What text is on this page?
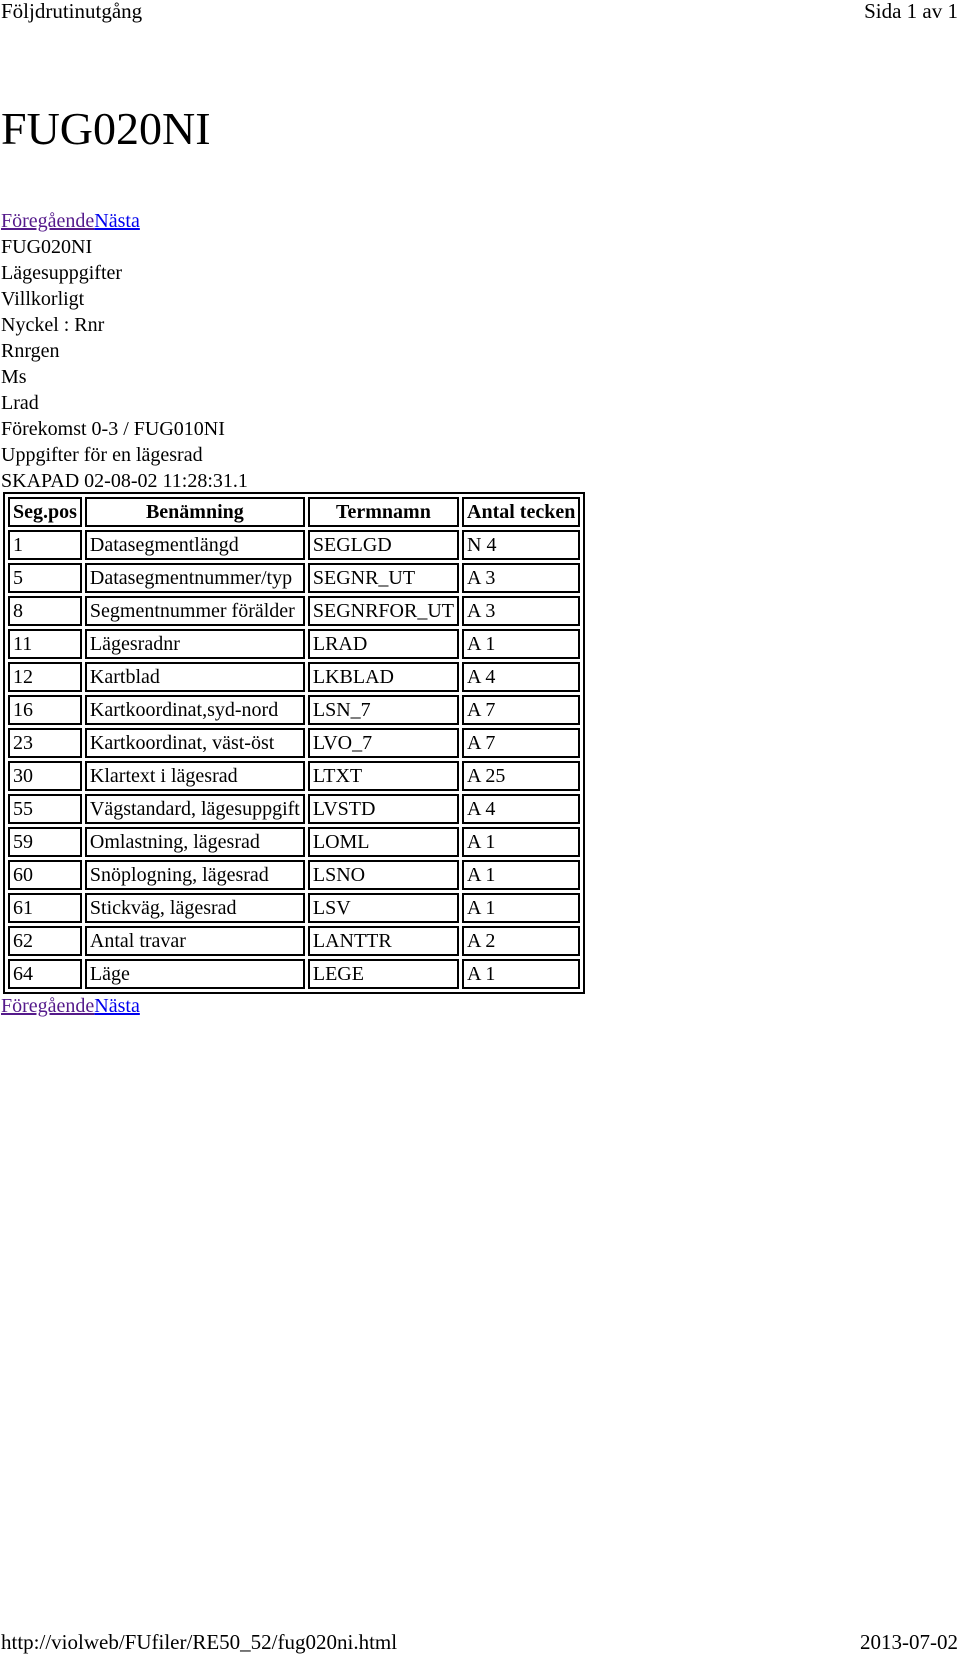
Följdrutinutgång	Sida 1 av 1
FUG020NI
FöregåendeNästa
FUG020NI
Lägesuppgifter
Villkorligt
Nyckel : Rnr
Rnrgen
Ms
Lrad
Förekomst 0-3 / FUG010NI
Uppgifter för en lägesrad
SKAPAD 02-08-02 11:28:31.1
Seg.pos	Benämning	Termnamn	Antal tecken
1	Datasegmentlängd	SEGLGD	N 4
5	Datasegmentnummer/typ	SEGNR_UT	A 3
8	Segmentnummer förälder	SEGNRFOR_UT	A 3
11	Lägesradnr	LRAD	A 1
12	Kartblad	LKBLAD	A 4
16	Kartkoordinat,syd-nord	LSN_7	A 7
23	Kartkoordinat, väst-öst	LVO_7	A 7
30	Klartext i lägesrad	LTXT	A 25
55	Vägstandard, lägesuppgift	LVSTD	A 4
59	Omlastning, lägesrad	LOML	A 1
60	Snöplogning, lägesrad	LSNO	A 1
61	Stickväg, lägesrad	LSV	A 1
62	Antal travar	LANTTR	A 2
64	Läge	LEGE	A 1
FöregåendeNästa
http://violweb/FUfiler/RE50_52/fug020ni.html	2013-07-02
